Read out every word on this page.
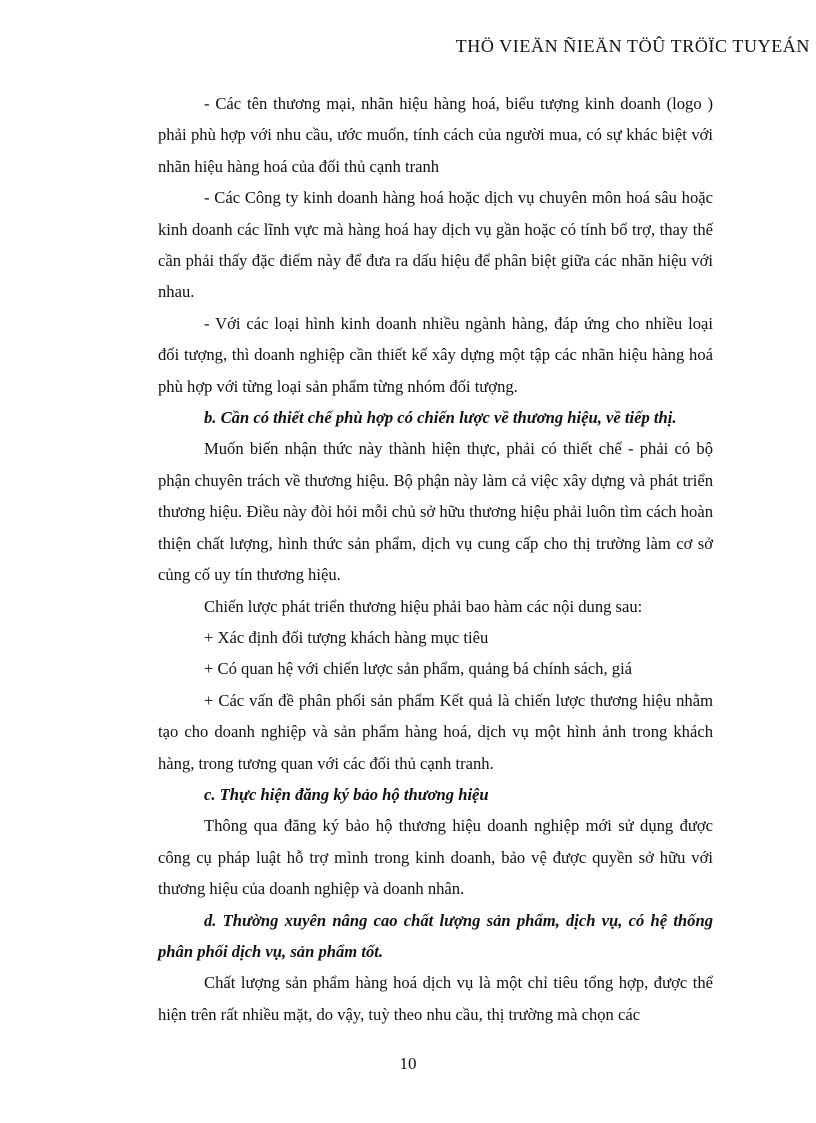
THÖ VIEÄN ÑIEÄN TÖÛ TRÖÏC TUYEÁN

- Các tên thương mại, nhãn hiệu hàng hoá, biểu tượng kinh doanh (logo ) phải phù hợp với nhu cầu, ước muốn, tính cách của người mua, có sự khác biệt với nhãn hiệu hàng hoá của đối thủ cạnh tranh

- Các Công ty kinh doanh hàng hoá hoặc dịch vụ chuyên môn hoá sâu hoặc kinh doanh các lĩnh vực mà hàng hoá hay dịch vụ gần hoặc có tính bổ trợ, thay thế cần phải thấy đặc điểm này để đưa ra dấu hiệu để phân biệt giữa các nhãn hiệu với nhau.

- Với các loại hình kinh doanh nhiều ngành hàng, đáp ứng cho nhiều loại đối tượng, thì doanh nghiệp cần thiết kế xây dựng một tập các nhãn hiệu hàng hoá phù hợp với từng loại sản phẩm từng nhóm đối tượng.

b. Cần có thiết chế phù hợp có chiến lược về thương hiệu, về tiếp thị.

Muốn biến nhận thức này thành hiện thực, phải có thiết chế - phải có bộ phận chuyên trách về thương hiệu. Bộ phận này làm cả việc xây dựng và phát triển thương hiệu. Điều này đòi hỏi mỗi chủ sở hữu thương hiệu phải luôn tìm cách hoàn thiện chất lượng, hình thức sản phẩm, dịch vụ cung cấp cho thị trường làm cơ sở củng cố uy tín thương hiệu.

Chiến lược phát triển thương hiệu phải bao hàm các nội dung sau:

+ Xác định đối tượng khách hàng mục tiêu

+ Có quan hệ với chiến lược sản phẩm, quảng bá chính sách, giá

+ Các vấn đề phân phối sản phẩm Kết quả là chiến lược thương hiệu nhằm tạo cho doanh nghiệp và sản phẩm hàng hoá, dịch vụ một hình ảnh trong khách hàng, trong tương quan với các đối thủ cạnh tranh.

c. Thực hiện đăng ký bảo hộ thương hiệu

Thông qua đăng ký bảo hộ thương hiệu doanh nghiệp mới sử dụng được công cụ pháp luật hỗ trợ mình trong kinh doanh, bảo vệ được quyền sở hữu với thương hiệu của doanh nghiệp và doanh nhân.

d. Thường xuyên nâng cao chất lượng sản phẩm, dịch vụ, có hệ thống phân phối dịch vụ, sản phẩm tốt.

Chất lượng sản phẩm hàng hoá dịch vụ là một chỉ tiêu tổng hợp, được thể hiện trên rất nhiều mặt, do vậy, tuỳ theo nhu cầu, thị trường mà chọn các

10
